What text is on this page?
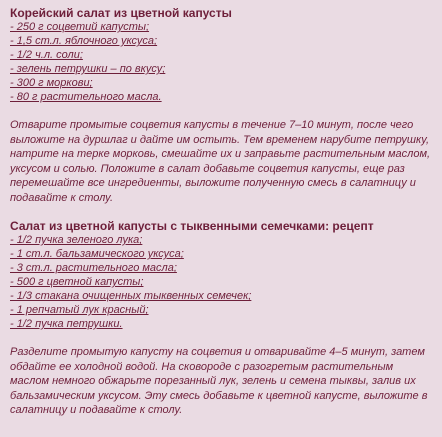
Корейский салат из цветной капусты
- 250 г соцветий капусты;
- 1,5 ст.л. яблочного уксуса;
- 1/2 ч.л. соли;
- зелень петрушки – по вкусу;
- 300 г моркови;
- 80 г растительного масла.

Отварите промытые соцветия капусты в течение 7–10 минут, после чего выложите на дуршлаг и дайте им остыть. Тем временем нарубите петрушку, натрите на терке морковь, смешайте их и заправьте растительным маслом, уксусом и солью. Положите в салат добавьте соцветия капусты, еще раз перемешайте все ингредиенты, выложите полученную смесь в салатницу и подавайте к столу.

Салат из цветной капусты с тыквенными семечками: рецепт
- 1/2 пучка зеленого лука;
- 1 ст.л. бальзамического уксуса;
- 3 ст.л. растительного масла;
- 500 г цветной капусты;
- 1/3 стакана очищенных тыквенных семечек;
- 1 репчатый лук красный;
- 1/2 пучка петрушки.

Разделите промытую капусту на соцветия и отваривайте 4–5 минут, затем обдайте ее холодной водой. На сковороде с разогретым растительным маслом немного обжарьте порезанный лук, зелень и семена тыквы, залив их бальзамическим уксусом. Эту смесь добавьте к цветной капусте, выложите в салатницу и подавайте к столу.
